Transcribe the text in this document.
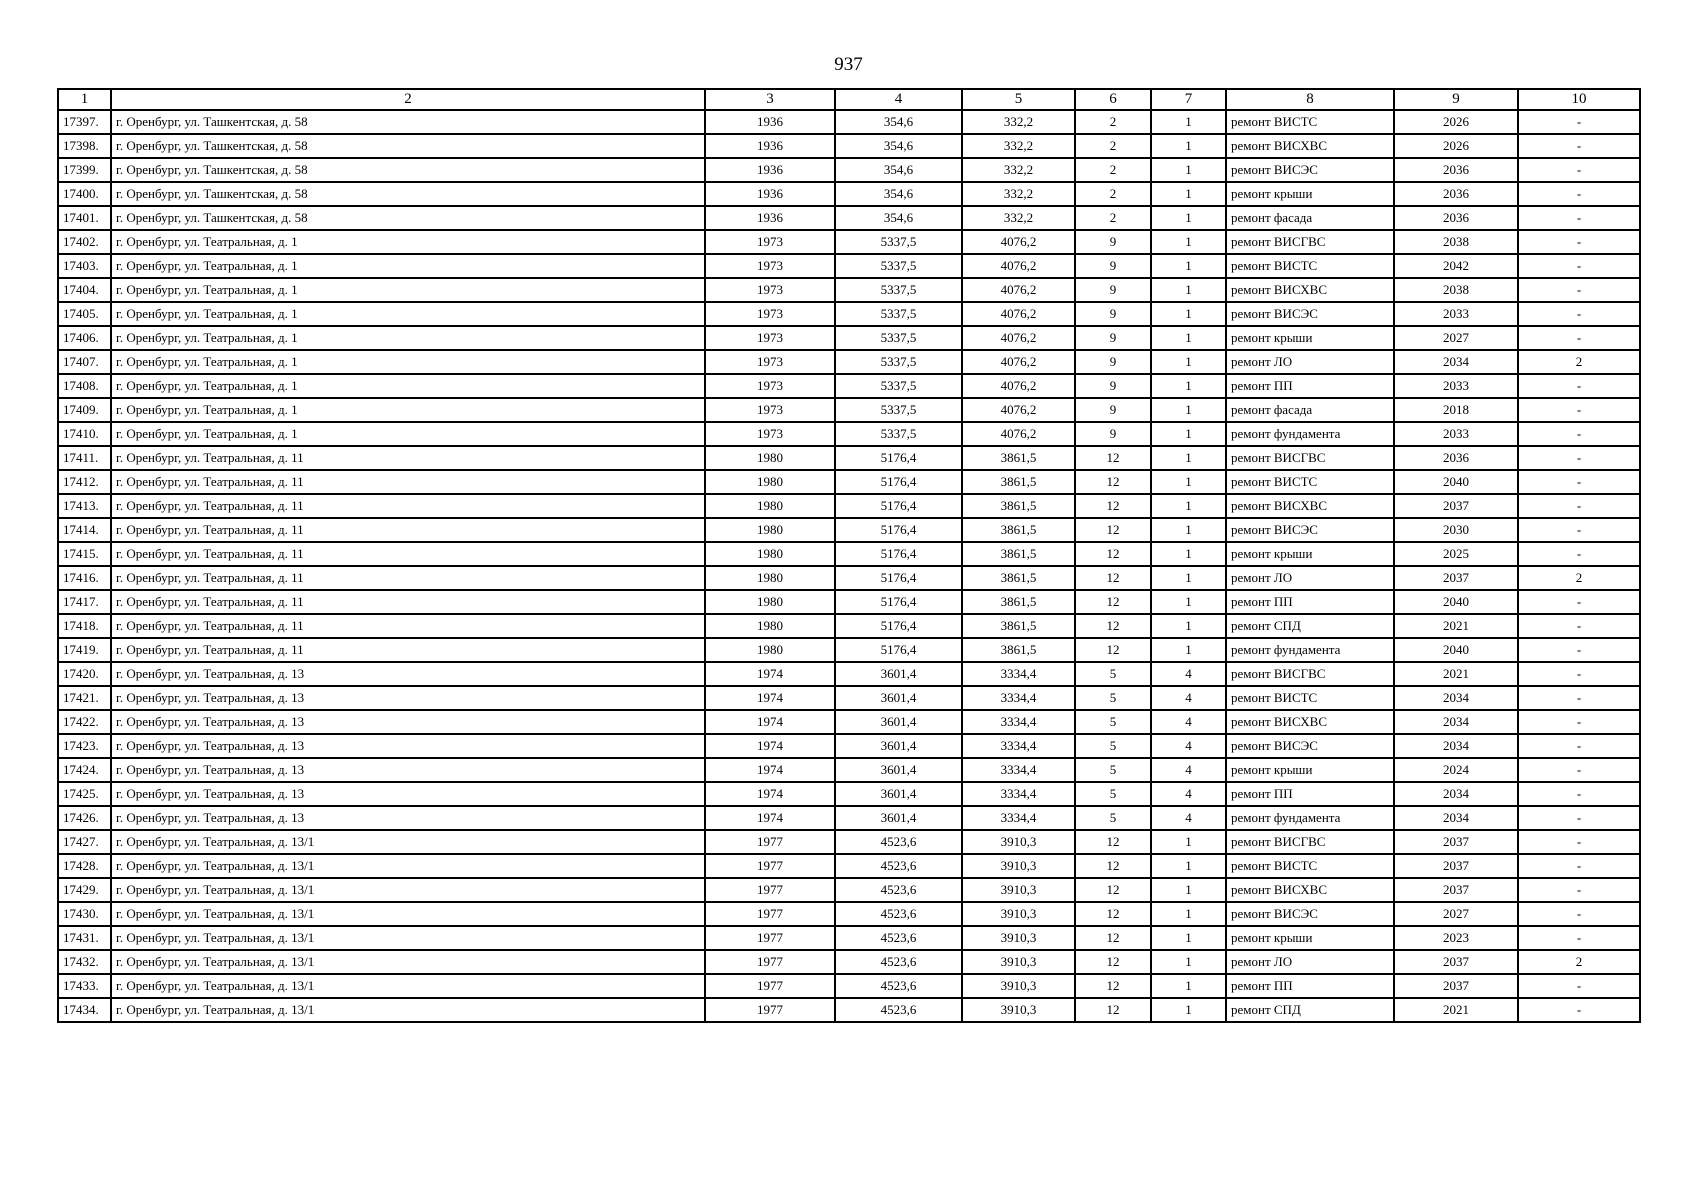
937
1	2	3	4	5	6	7	8	9	10
17397.	г. Оренбург, ул. Ташкентская, д. 58	1936	354,6	332,2	2	1	ремонт ВИСТС	2026	-
17398.	г. Оренбург, ул. Ташкентская, д. 58	1936	354,6	332,2	2	1	ремонт ВИСХВС	2026	-
17399.	г. Оренбург, ул. Ташкентская, д. 58	1936	354,6	332,2	2	1	ремонт ВИСЭС	2036	-
17400.	г. Оренбург, ул. Ташкентская, д. 58	1936	354,6	332,2	2	1	ремонт крыши	2036	-
17401.	г. Оренбург, ул. Ташкентская, д. 58	1936	354,6	332,2	2	1	ремонт фасада	2036	-
17402.	г. Оренбург, ул. Театральная, д. 1	1973	5337,5	4076,2	9	1	ремонт ВИСГВС	2038	-
17403.	г. Оренбург, ул. Театральная, д. 1	1973	5337,5	4076,2	9	1	ремонт ВИСТС	2042	-
17404.	г. Оренбург, ул. Театральная, д. 1	1973	5337,5	4076,2	9	1	ремонт ВИСХВС	2038	-
17405.	г. Оренбург, ул. Театральная, д. 1	1973	5337,5	4076,2	9	1	ремонт ВИСЭС	2033	-
17406.	г. Оренбург, ул. Театральная, д. 1	1973	5337,5	4076,2	9	1	ремонт крыши	2027	-
17407.	г. Оренбург, ул. Театральная, д. 1	1973	5337,5	4076,2	9	1	ремонт ЛО	2034	2
17408.	г. Оренбург, ул. Театральная, д. 1	1973	5337,5	4076,2	9	1	ремонт ПП	2033	-
17409.	г. Оренбург, ул. Театральная, д. 1	1973	5337,5	4076,2	9	1	ремонт фасада	2018	-
17410.	г. Оренбург, ул. Театральная, д. 1	1973	5337,5	4076,2	9	1	ремонт фундамента	2033	-
17411.	г. Оренбург, ул. Театральная, д. 11	1980	5176,4	3861,5	12	1	ремонт ВИСГВС	2036	-
17412.	г. Оренбург, ул. Театральная, д. 11	1980	5176,4	3861,5	12	1	ремонт ВИСТС	2040	-
17413.	г. Оренбург, ул. Театральная, д. 11	1980	5176,4	3861,5	12	1	ремонт ВИСХВС	2037	-
17414.	г. Оренбург, ул. Театральная, д. 11	1980	5176,4	3861,5	12	1	ремонт ВИСЭС	2030	-
17415.	г. Оренбург, ул. Театральная, д. 11	1980	5176,4	3861,5	12	1	ремонт крыши	2025	-
17416.	г. Оренбург, ул. Театральная, д. 11	1980	5176,4	3861,5	12	1	ремонт ЛО	2037	2
17417.	г. Оренбург, ул. Театральная, д. 11	1980	5176,4	3861,5	12	1	ремонт ПП	2040	-
17418.	г. Оренбург, ул. Театральная, д. 11	1980	5176,4	3861,5	12	1	ремонт СПД	2021	-
17419.	г. Оренбург, ул. Театральная, д. 11	1980	5176,4	3861,5	12	1	ремонт фундамента	2040	-
17420.	г. Оренбург, ул. Театральная, д. 13	1974	3601,4	3334,4	5	4	ремонт ВИСГВС	2021	-
17421.	г. Оренбург, ул. Театральная, д. 13	1974	3601,4	3334,4	5	4	ремонт ВИСТС	2034	-
17422.	г. Оренбург, ул. Театральная, д. 13	1974	3601,4	3334,4	5	4	ремонт ВИСХВС	2034	-
17423.	г. Оренбург, ул. Театральная, д. 13	1974	3601,4	3334,4	5	4	ремонт ВИСЭС	2034	-
17424.	г. Оренбург, ул. Театральная, д. 13	1974	3601,4	3334,4	5	4	ремонт крыши	2024	-
17425.	г. Оренбург, ул. Театральная, д. 13	1974	3601,4	3334,4	5	4	ремонт ПП	2034	-
17426.	г. Оренбург, ул. Театральная, д. 13	1974	3601,4	3334,4	5	4	ремонт фундамента	2034	-
17427.	г. Оренбург, ул. Театральная, д. 13/1	1977	4523,6	3910,3	12	1	ремонт ВИСГВС	2037	-
17428.	г. Оренбург, ул. Театральная, д. 13/1	1977	4523,6	3910,3	12	1	ремонт ВИСТС	2037	-
17429.	г. Оренбург, ул. Театральная, д. 13/1	1977	4523,6	3910,3	12	1	ремонт ВИСХВС	2037	-
17430.	г. Оренбург, ул. Театральная, д. 13/1	1977	4523,6	3910,3	12	1	ремонт ВИСЭС	2027	-
17431.	г. Оренбург, ул. Театральная, д. 13/1	1977	4523,6	3910,3	12	1	ремонт крыши	2023	-
17432.	г. Оренбург, ул. Театральная, д. 13/1	1977	4523,6	3910,3	12	1	ремонт ЛО	2037	2
17433.	г. Оренбург, ул. Театральная, д. 13/1	1977	4523,6	3910,3	12	1	ремонт ПП	2037	-
17434.	г. Оренбург, ул. Театральная, д. 13/1	1977	4523,6	3910,3	12	1	ремонт СПД	2021	-
